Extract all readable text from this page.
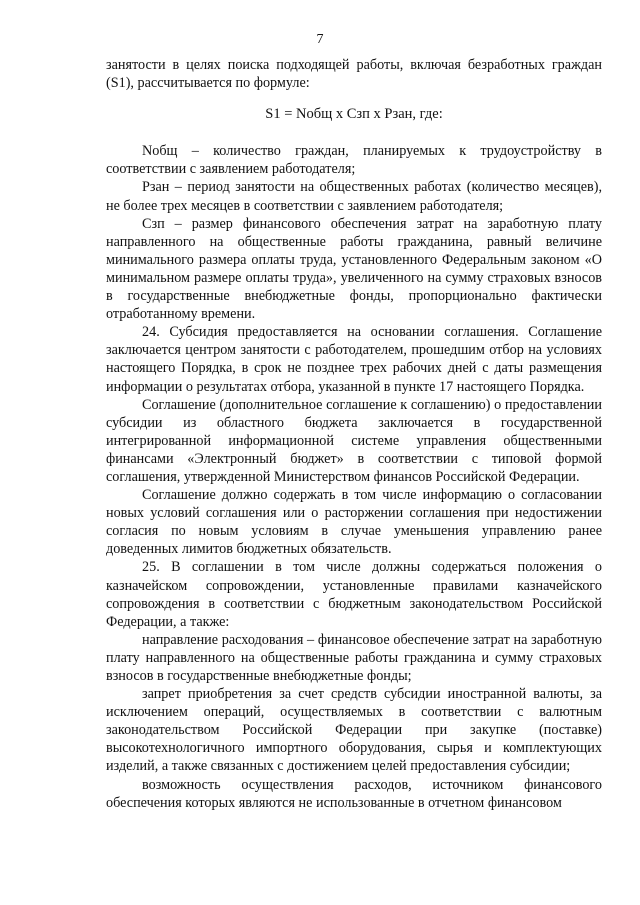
7

занятости в целях поиска подходящей работы, включая безработных граждан (S1), рассчитывается по формуле:

S1 = Nобщ х Сзп х Рзан, где:

Nобщ – количество граждан, планируемых к трудоустройству в соответствии с заявлением работодателя;

Рзан – период занятости на общественных работах (количество месяцев), не более трех месяцев в соответствии с заявлением работодателя;

Сзп – размер финансового обеспечения затрат на заработную плату направленного на общественные работы гражданина, равный величине минимального размера оплаты труда, установленного Федеральным законом «О минимальном размере оплаты труда», увеличенного на сумму страховых взносов в государственные внебюджетные фонды, пропорционально фактически отработанному времени.

24. Субсидия предоставляется на основании соглашения. Соглашение заключается центром занятости с работодателем, прошедшим отбор на условиях настоящего Порядка, в срок не позднее трех рабочих дней с даты размещения информации о результатах отбора, указанной в пункте 17 настоящего Порядка.

Соглашение (дополнительное соглашение к соглашению) о предоставлении субсидии из областного бюджета заключается в государственной интегрированной информационной системе управления общественными финансами «Электронный бюджет» в соответствии с типовой формой соглашения, утвержденной Министерством финансов Российской Федерации.

Соглашение должно содержать в том числе информацию о согласовании новых условий соглашения или о расторжении соглашения при недостижении согласия по новым условиям в случае уменьшения управлению ранее доведенных лимитов бюджетных обязательств.

25. В соглашении в том числе должны содержаться положения о казначейском сопровождении, установленные правилами казначейского сопровождения в соответствии с бюджетным законодательством Российской Федерации, а также:

направление расходования – финансовое обеспечение затрат на заработную плату направленного на общественные работы гражданина и сумму страховых взносов в государственные внебюджетные фонды;

запрет приобретения за счет средств субсидии иностранной валюты, за исключением операций, осуществляемых в соответствии с валютным законодательством Российской Федерации при закупке (поставке) высокотехнологичного импортного оборудования, сырья и комплектующих изделий, а также связанных с достижением целей предоставления субсидии;

возможность осуществления расходов, источником финансового обеспечения которых являются не использованные в отчетном финансовом
